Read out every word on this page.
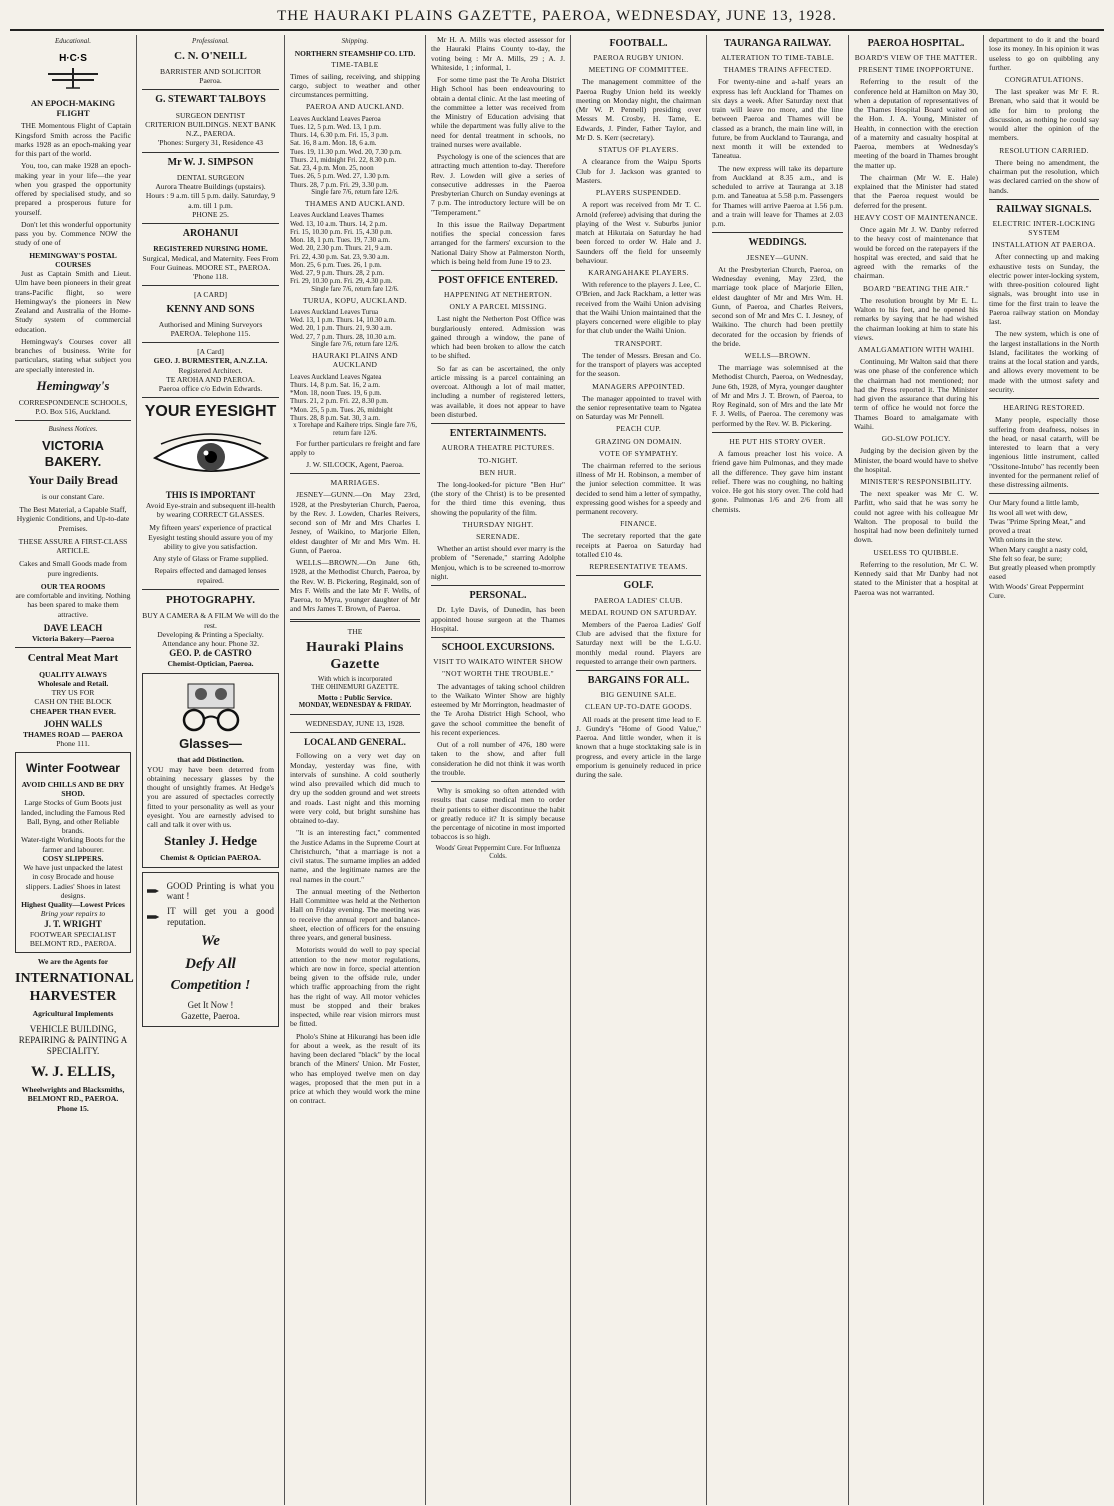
THE HAURAKI PLAINS GAZETTE, PAEROA, WEDNESDAY, JUNE 13, 1928.
Educational.
H·C·S
AN EPOCH-MAKING FLIGHT

THE Momentous Flight of Captain Kingsford Smith across the Pacific marks 1928 as an epoch-making year for this part of the world.

You, too, can make 1928 an epoch-making year in your life—the year when you grasped the opportunity offered by specialised study, and so prepared a prosperous future for yourself.

Don't let this wonderful opportunity pass you by. Commence NOW the study of one of

HEMINGWAY'S POSTAL COURSES

Just as Captain Smith and Lieut. Ulm have been pioneers in their great trans-Pacific flight, so were Hemingway's the pioneers in New Zealand and Australia of the Home-Study system of commercial education.

Hemingway's Courses cover all branches of business. Write for particulars, stating what subject you are specially interested in.

Hemingway's
CORRESPONDENCE SCHOOLS,
P.O. Box 516, Auckland.
Business Notices.
VICTORIA BAKERY.
Your Daily Bread
is our constant Care.
The Best Material, a Capable Staff, Hygienic Conditions, and Up-to-date Premises.
THESE ASSURE A FIRST-CLASS ARTICLE.
Cakes and Small Goods made from pure ingredients.
OUR TEA ROOMS
are comfortable and inviting. Nothing has been spared to make them attractive.
DAVE LEACH
Victoria Bakery—Paeroa
Central Meat Mart
QUALITY ALWAYS
Wholesale and Retail.
TRY US FOR
CASH ON THE BLOCK
CHEAPER THAN EVER.
JOHN WALLS
THAMES ROAD — PAEROA
Phone 111.
Winter Footwear
AVOID CHILLS AND BE DRY SHOD.
Large Stocks of Gum Boots just landed, including the Famous Red Ball, Byng, and other Reliable brands.
Water-tight Working Boots for the farmer and labourer.
COSY SLIPPERS.
We have just unpacked the latest in cosy Brocade and house slippers. Ladies' Shoes in latest designs.
Highest Quality—Lowest Prices
Bring your repairs to
J. T. WRIGHT
FOOTWEAR SPECIALIST
BELMONT RD., PAEROA.
We are the Agents for
INTERNATIONAL HARVESTER
Agricultural Implements
VEHICLE BUILDING, REPAIRING & PAINTING A SPECIALITY.
W. J. ELLIS,
Wheelwrights and Blacksmiths,
BELMONT RD., PAEROA.
Phone 15.
Professional.
C. N. O'NEILL
BARRISTER AND SOLICITOR
Paeroa.
G. STEWART TALBOYS
SURGEON DENTIST
CRITERION BUILDINGS. NEXT BANK N.Z., PAEROA.
'Phones: Surgery 31, Residence 43
Mr W. J. SIMPSON
DENTAL SURGEON
Aurora Theatre Buildings (upstairs).
Hours : 9 a.m. till 5 p.m. daily. Saturday, 9 a.m. till 1 p.m.
PHONE 25.
AROHANUI
REGISTERED NURSING HOME.
Surgical, Medical, and Maternity. Fees From Four Guineas. MOORE ST., PAEROA. 'Phone 118.
[A CARD]
KENNY AND SONS
Authorised and Mining Surveyors PAEROA. Telephone 115.
[A Card]
GEO. J. BURMESTER, A.N.Z.I.A.
Registered Architect.
TE AROHA AND PAEROA.
Paeroa office c/o Edwin Edwards.
YOUR EYESIGHT
THIS IS IMPORTANT
Avoid Eye-strain and subsequent ill-health by wearing CORRECT GLASSES.
My fifteen years' experience of practical Eyesight testing should assure you of my ability to give you satisfaction.
Any style of Glass or Frame supplied.
Repairs effected and damaged lenses repaired.
PHOTOGRAPHY.
BUY A CAMERA & A FILM We will do the rest.
Developing & Printing a Specialty. Attendance any hour. Phone 32.
GEO. P. de CASTRO
Chemist-Optician, Paeroa.
Glasses—
that add Distinction.

YOU may have been deterred from obtaining necessary glasses by the thought of unsightly frames. At Hedge's you are assured of spectacles correctly fitted to your personality as well as your eyesight. You are earnestly advised to call and talk it over with us.

Stanley J. Hedge
Chemist & Optician PAEROA.
GOOD Printing is what you want !
IT will get you a good reputation.
We
Defy All
Competition !
Get It Now !
Gazette, Paeroa.
Shipping.
NORTHERN STEAMSHIP CO. LTD.
TIME-TABLE

Times of sailing, receiving, and shipping cargo, subject to weather and other circumstances permitting.

PAEROA AND AUCKLAND.
Leaves Auckland Leaves Paeroa
Tues. 12, 5 p.m. Wed. 13, 1 p.m.
Thurs. 14, 6.30 p.m. Fri. 15, 3 p.m.
Sat. 16, 8 a.m. Mon. 18, 6 a.m.
Tues. 19, 11.30 p.m. Wed. 20, 7.30 p.m.
Thurs. 21, midnight Fri. 22, 8.30 p.m.
Sat. 23, 4 p.m. Mon. 25, noon
Tues. 26, 5 p.m. Wed. 27, 1.30 p.m.
Thurs. 28, 7 p.m. Fri. 29, 3.30 p.m.
Single fare 7/6, return fare 12/6.
THAMES AND AUCKLAND.
Leaves Auckland Leaves Thames
Wed. 13, 10 a.m. Thurs. 14, 2 p.m.
Fri. 15, 10.30 p.m. Fri. 15, 4.30 p.m.
Mon. 18, 1 p.m. Tues. 19, 7.30 a.m.
Wed. 20, 2.30 p.m. Thurs. 21, 9 a.m.
Fri. 22, 4.30 p.m. Sat. 23, 9.30 a.m.
Mon. 25, 6 p.m. Tues. 26, 1 p.m.
Wed. 27, 9 p.m. Thurs. 28, 2 p.m.
Fri. 29, 10.30 p.m. Fri. 29, 4.30 p.m.
Single fare 7/6, return fare 12/6.
TURUA, KOPU, AUCKLAND.
Leaves Auckland Leaves Turua
Wed. 13, 1 p.m. Thurs. 14, 10.30 a.m.
Wed. 20, 1 p.m. Thurs. 21, 9.30 a.m.
Wed. 27, 7 p.m. Thurs. 28, 10.30 a.m.
Single fare 7/6, return fare 12/6.
HAURAKI PLAINS AND AUCKLAND
Leaves Auckland Leaves Ngatea
Thurs. 14, 8 p.m. Sat. 16, 2 a.m.
*Mon. 18, noon Tues. 19, 6 p.m.
Thurs. 21, 2 p.m. Fri. 22, 8.30 p.m.
*Mon. 25, 5 p.m. Tues. 26, midnight
Thurs. 28, 8 p.m. Sat. 30, 3 a.m.
x Torehape and Kaihere trips. Single fare 7/6, return fare 12/6.

For further particulars re freight and fare apply to

J. W. SILCOCK, Agent, Paeroa.
MARRIAGES.

JESNEY—GUNN.—On May 23rd, 1928, at the Presbyterian Church, Paeroa, by the Rev. J. Lowden, Charles Reivers, second son of Mr and Mrs Charles I. Jesney, of Waikino, to Marjorie Ellen, eldest daughter of Mr and Mrs Wm. H. Gunn, of Paeroa.

WELLS—BROWN.—On June 6th, 1928, at the Methodist Church, Paeroa, by the Rev. W. B. Pickering, Reginald, son of Mrs F. Wells and the late Mr F. Wells, of Paeroa, to Myra, younger daughter of Mr and Mrs James T. Brown, of Paeroa.

THE
Hauraki Plains Gazette
With which is incorporated
THE OHINEMURI GAZETTE.
Motto : Public Service.
MONDAY, WEDNESDAY & FRIDAY.
WEDNESDAY, JUNE 13, 1928.
LOCAL AND GENERAL.

Following on a very wet day on Monday, yesterday was fine, with intervals of sunshine. A cold southerly wind also prevailed which did much to dry up the sodden ground and wet streets and roads. Last night and this morning were very cold, but bright sunshine has obtained to-day.

"It is an interesting fact," commented the Justice Adams in the Supreme Court at Christchurch, "that a marriage is not a civil status. The surname implies an added name, and the legitimate names are the real names in the court."

The annual meeting of the Netherton Hall Committee was held at the Netherton Hall on Friday evening. The meeting was to receive the annual report and balance-sheet, election of officers for the ensuing three years, and general business.

Motorists would do well to pay special attention to the new motor regulations, which are now in force, special attention being given to the offside rule, under which traffic approaching from the right has the right of way. All motor vehicles must be stopped and their brakes inspected, while rear vision mirrors must be fitted.

Pholo's Shine at Hikurangi has been idle for about a week, as the result of its having been declared "black" by the local branch of the Miners' Union. Mr Foster, who has employed twelve men on day wages, proposed that the men put in a price at which they would work the mine on contract.

Mr H. A. Mills was elected assessor for the Hauraki Plains County to-day, the voting being : Mr A. Mills, 29 ; A. J. Whiteside, 1 ; informal, 1.

For some time past the Te Aroha District High School has been endeavouring to obtain a dental clinic. At the last meeting of the committee a letter was received from the Ministry of Education advising that while the department was fully alive to the need for dental treatment in schools, no trained nurses were available.

Psychology is one of the sciences that are attracting much attention to-day. Therefore Rev. J. Lowden will give a series of consecutive addresses in the Paeroa Presbyterian Church on Sunday evenings at 7 p.m. The introductory lecture will be on "Temperament."

In this issue the Railway Department notifies the special concession fares arranged for the farmers' excursion to the National Dairy Show at Palmerston North, which is being held from June 19 to 23.

POST OFFICE ENTERED.
HAPPENING AT NETHERTON.
ONLY A PARCEL MISSING.

Last night the Netherton Post Office was burglariously entered. Admission was gained through a window, the pane of which had been broken to allow the catch to be shifted.

So far as can be ascertained, the only article missing is a parcel containing an overcoat. Although a lot of mail matter, including a number of registered letters, was available, it does not appear to have been disturbed.

ENTERTAINMENTS.
AURORA THEATRE PICTURES.
TO-NIGHT.
BEN HUR.

The long-looked-for picture "Ben Hur" (the story of the Christ) is to be presented for the third time this evening, thus showing the popularity of the film.

THURSDAY NIGHT.
SERENADE.

Whether an artist should ever marry is the problem of "Serenade," starring Adolphe Menjou, which is to be screened to-morrow night.

PERSONAL.

Dr. Lyle Davis, of Dunedin, has been appointed house surgeon at the Thames Hospital.

SCHOOL EXCURSIONS.
VISIT TO WAIKATO WINTER SHOW
"NOT WORTH THE TROUBLE."

The advantages of taking school children to the Waikato Winter Show are highly esteemed by Mr Morrington, headmaster of the Te Aroha District High School, who gave the school committee the benefit of his recent experiences.

Out of a roll number of 476, 180 were taken to the show, and after full consideration he did not think it was worth the trouble.

Why is smoking so often attended with results that cause medical men to order their patients to either discontinue the habit or greatly reduce it? It is simply because the percentage of nicotine in most imported tobaccos is so high.

Woods' Great Peppermint Cure. For Influenza Colds.
FOOTBALL.
PAEROA RUGBY UNION.
MEETING OF COMMITTEE.

The management committee of the Paeroa Rugby Union held its weekly meeting on Monday night, the chairman (Mr W. P. Pennell) presiding over Messrs M. Crosby, H. Tame, E. Edwards, J. Pinder, Father Taylor, and Mr D. S. Kerr (secretary).

STATUS OF PLAYERS.

A clearance from the Waipu Sports Club for J. Jackson was granted to Masters.

PLAYERS SUSPENDED.

A report was received from Mr T. C. Arnold (referee) advising that during the playing of the West v. Suburbs junior match at Hikutaia on Saturday he had been forced to order W. Hale and J. Saunders off the field for unseemly behaviour.

KARANGAHAKE PLAYERS.

With reference to the players J. Lee, C. O'Brien, and Jack Rackham, a letter was received from the Waihi Union advising that the Waihi Union maintained that the players concerned were eligible to play for that club under the Waihi Union.

TRANSPORT.

The tender of Messrs. Bresan and Co. for the transport of players was accepted for the season.

MANAGERS APPOINTED.

The manager appointed to travel with the senior representative team to Ngatea on Saturday was Mr Pennell.

PEACH CUP.
GRAZING ON DOMAIN.
VOTE OF SYMPATHY.

The chairman referred to the serious illness of Mr H. Robinson, a member of the junior selection committee. It was decided to send him a letter of sympathy, expressing good wishes for a speedy and permanent recovery.

FINANCE.

The secretary reported that the gate receipts at Paeroa on Saturday had totalled £10 4s.

REPRESENTATIVE TEAMS.
GOLF.
PAEROA LADIES' CLUB.
MEDAL ROUND ON SATURDAY.

Members of the Paeroa Ladies' Golf Club are advised that the fixture for Saturday next will be the L.G.U. monthly medal round. Players are requested to arrange their own partners.

BARGAINS FOR ALL.
BIG GENUINE SALE.
CLEAN UP-TO-DATE GOODS.

All roads at the present time lead to F. J. Gundry's "Home of Good Value," Paeroa. And little wonder, when it is known that a huge stocktaking sale is in progress, and every article in the large emporium is genuinely reduced in price during the sale.

TAURANGA RAILWAY.
ALTERATION TO TIME-TABLE.
THAMES TRAINS AFFECTED.

For twenty-nine and a-half years an express has left Auckland for Thames on six days a week. After Saturday next that train will leave no more, and the line between Paeroa and Thames will be classed as a branch, the main line will, in future, be from Auckland to Tauranga, and next month it will be extended to Taneatua.

The new express will take its departure from Auckland at 8.35 a.m., and is scheduled to arrive at Tauranga at 3.18 p.m. and Taneatua at 5.58 p.m. Passengers for Thames will arrive Paeroa at 1.56 p.m. and a train will leave for Thames at 2.03 p.m.

WEDDINGS.
JESNEY—GUNN.

At the Presbyterian Church, Paeroa, on Wednesday evening, May 23rd, the marriage took place of Marjorie Ellen, eldest daughter of Mr and Mrs Wm. H. Gunn, of Paeroa, and Charles Reivers, second son of Mr and Mrs C. I. Jesney, of Waikino. The church had been prettily decorated for the occasion by friends of the bride.

WELLS—BROWN.

The marriage was solemnised at the Methodist Church, Paeroa, on Wednesday, June 6th, 1928, of Myra, younger daughter of Mr and Mrs J. T. Brown, of Paeroa, to Roy Reginald, son of Mrs and the late Mr F. J. Wells, of Paeroa. The ceremony was performed by the Rev. W. B. Pickering.

HE PUT HIS STORY OVER.

A famous preacher lost his voice. A friend gave him Pulmonas, and they made all the difference. They gave him instant relief. There was no coughing, no halting voice. He got his story over. The cold had gone. Pulmonas 1/6 and 2/6 from all chemists.

PAEROA HOSPITAL.
BOARD'S VIEW OF THE MATTER.
PRESENT TIME INOPPORTUNE.

Referring to the result of the conference held at Hamilton on May 30, when a deputation of representatives of the Thames Hospital Board waited on the Hon. J. A. Young, Minister of Health, in connection with the erection of a maternity and casualty hospital at Paeroa, members at Wednesday's meeting of the board in Thames brought the matter up.

The chairman (Mr W. E. Hale) explained that the Minister had stated that the Paeroa request would be deferred for the present.

HEAVY COST OF MAINTENANCE.

Once again Mr J. W. Danby referred to the heavy cost of maintenance that would be forced on the ratepayers if the hospital was erected, and said that he agreed with the remarks of the chairman.

BOARD "BEATING THE AIR."

The resolution brought by Mr E. L. Walton to his feet, and he opened his remarks by saying that he had wished the chairman looking at him to state his views.

AMALGAMATION WITH WAIHI.

Continuing, Mr Walton said that there was one phase of the conference which the chairman had not mentioned; nor had the Press reported it. The Minister had given the assurance that during his term of office he would not force the Thames Board to amalgamate with Waihi.

GO-SLOW POLICY.

Judging by the decision given by the Minister, the board would have to shelve the hospital.

MINISTER'S RESPONSIBILITY.

The next speaker was Mr C. W. Parfitt, who said that he was sorry he could not agree with his colleague Mr Walton. The proposal to build the hospital had now been definitely turned down.

USELESS TO QUIBBLE.

Referring to the resolution, Mr C. W. Kennedy said that Mr Danby had not stated to the Minister that a hospital at Paeroa was not warranted.

department to do it and the board lose its money. In his opinion it was useless to go on quibbling any further.

CONGRATULATIONS.

The last speaker was Mr F. R. Brenan, who said that it would be idle for him to prolong the discussion, as nothing he could say would alter the opinion of the members.

RESOLUTION CARRIED.

There being no amendment, the chairman put the resolution, which was declared carried on the show of hands.

RAILWAY SIGNALS.
ELECTRIC INTER-LOCKING SYSTEM
INSTALLATION AT PAEROA.

After connecting up and making exhaustive tests on Sunday, the electric power inter-locking system, with three-position coloured light signals, was brought into use in time for the first train to leave the Paeroa railway station on Monday last.

The new system, which is one of the largest installations in the North Island, facilitates the working of trains at the local station and yards, and allows every movement to be made with the utmost safety and security.

HEARING RESTORED.

Many people, especially those suffering from deafness, noises in the head, or nasal catarrh, will be interested to learn that a very ingenious little instrument, called "Ossitone-Intubo" has recently been invented for the permanent relief of these distressing ailments.

Our Mary found a little lamb,
Its wool all wet with dew,
Twas "Prime Spring Meat," and proved a treat
With onions in the stew.
When Mary caught a nasty cold,
She felt so fear, be sure;
But greatly pleased when promptly eased
With Woods' Great Peppermint Cure.
